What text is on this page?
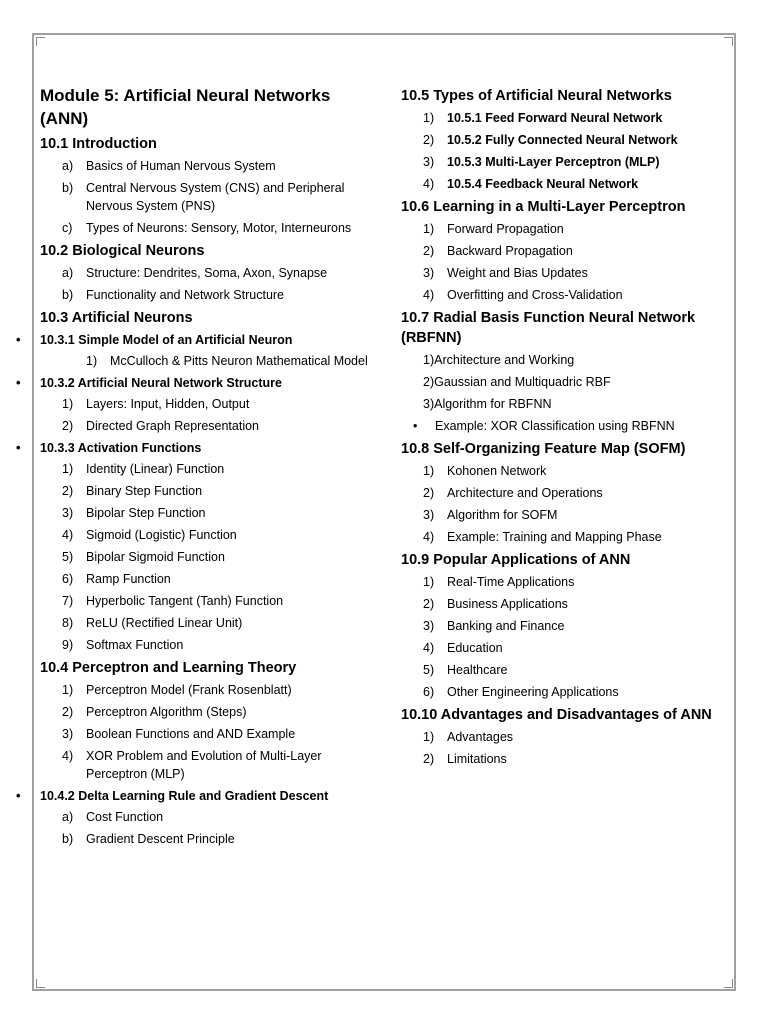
Module 5: Artificial Neural Networks (ANN)
10.1 Introduction
a)	Basics of Human Nervous System
b)	Central Nervous System (CNS) and Peripheral Nervous System (PNS)
c)	Types of Neurons: Sensory, Motor, Interneurons
10.2 Biological Neurons
a)	Structure: Dendrites, Soma, Axon, Synapse
b)	Functionality and Network Structure
10.3 Artificial Neurons
• 10.3.1 Simple Model of an Artificial Neuron
1)	McCulloch & Pitts Neuron Mathematical Model
• 10.3.2 Artificial Neural Network Structure
1)	Layers: Input, Hidden, Output
2)	Directed Graph Representation
• 10.3.3 Activation Functions
1)	Identity (Linear) Function
2)	Binary Step Function
3)	Bipolar Step Function
4)	Sigmoid (Logistic) Function
5)	Bipolar Sigmoid Function
6)	Ramp Function
7)	Hyperbolic Tangent (Tanh) Function
8)	ReLU (Rectified Linear Unit)
9)	Softmax Function
10.4 Perceptron and Learning Theory
1)	Perceptron Model (Frank Rosenblatt)
2)	Perceptron Algorithm (Steps)
3)	Boolean Functions and AND Example
4)	XOR Problem and Evolution of Multi-Layer Perceptron (MLP)
• 10.4.2 Delta Learning Rule and Gradient Descent
a)	Cost Function
b)	Gradient Descent Principle
10.5 Types of Artificial Neural Networks
1)	10.5.1 Feed Forward Neural Network
2)	10.5.2 Fully Connected Neural Network
3)	10.5.3 Multi-Layer Perceptron (MLP)
4)	10.5.4 Feedback Neural Network
10.6 Learning in a Multi-Layer Perceptron
1)	Forward Propagation
2)	Backward Propagation
3)	Weight and Bias Updates
4)	Overfitting and Cross-Validation
10.7 Radial Basis Function Neural Network (RBFNN)
1)Architecture and Working
2)Gaussian and Multiquadric RBF
3)Algorithm for RBFNN
•	Example: XOR Classification using RBFNN
10.8 Self-Organizing Feature Map (SOFM)
1)	Kohonen Network
2)	Architecture and Operations
3)	Algorithm for SOFM
4)	Example: Training and Mapping Phase
10.9 Popular Applications of ANN
1)	Real-Time Applications
2)	Business Applications
3)	Banking and Finance
4)	Education
5)	Healthcare
6)	Other Engineering Applications
10.10 Advantages and Disadvantages of ANN
1)	Advantages
2)	Limitations
